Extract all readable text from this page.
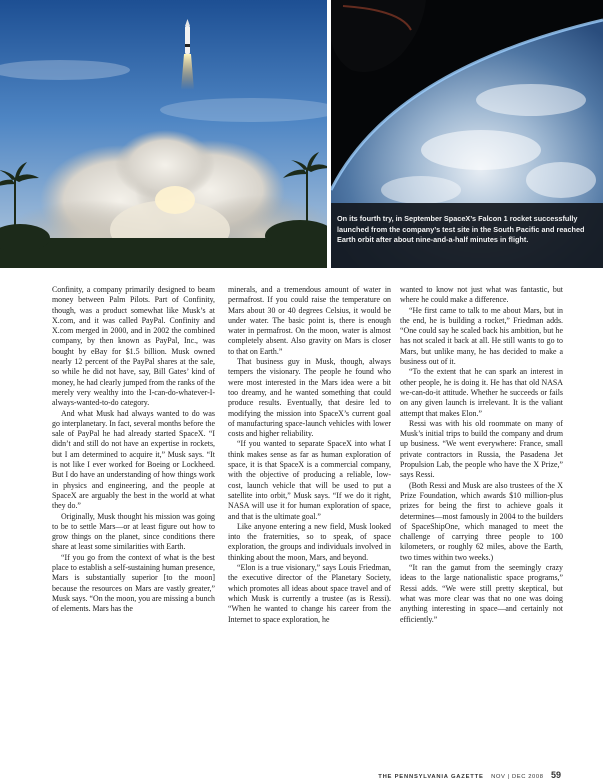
On its fourth try, in September SpaceX’s Falcon 1 rocket successfully launched from the company’s test site in the South Pacific and reached Earth orbit after about nine-and-a-half minutes in flight.

Confinity, a company primarily designed to beam money between Palm Pilots. Part of Confinity, though, was a product somewhat like Musk’s at X.com, and it was called PayPal. Confinity and X.com merged in 2000, and in 2002 the combined company, by then known as PayPal, Inc., was bought by eBay for $1.5 billion. Musk owned nearly 12 percent of the PayPal shares at the sale, so while he did not have, say, Bill Gates’ kind of money, he had clearly jumped from the ranks of the merely very wealthy into the I-can-do-whatever-I-always-wanted-to-do category.

And what Musk had always wanted to do was go interplanetary. In fact, several months before the sale of PayPal he had already started SpaceX. “I didn’t and still do not have an expertise in rockets, but I am determined to acquire it,” Musk says. “It is not like I ever worked for Boeing or Lockheed. But I do have an understanding of how things work in physics and engineering, and the people at SpaceX are arguably the best in the world at what they do.”

Originally, Musk thought his mission was going to be to settle Mars—or at least figure out how to grow things on the planet, since conditions there share at least some similarities with Earth.

“If you go from the context of what is the best place to establish a self-sustaining human presence, Mars is substantially superior [to the moon] because the resources on Mars are vastly greater,” Musk says. “On the moon, you are missing a bunch of elements. Mars has the

minerals, and a tremendous amount of water in permafrost. If you could raise the temperature on Mars about 30 or 40 degrees Celsius, it would be under water. The basic point is, there is enough water in permafrost. On the moon, water is almost completely absent. Also gravity on Mars is closer to that on Earth.”

That business guy in Musk, though, always tempers the visionary. The people he found who were most interested in the Mars idea were a bit too dreamy, and he wanted something that could produce results. Eventually, that desire led to modifying the mission into SpaceX’s current goal of manufacturing space-launch vehicles with lower costs and higher reliability.

“If you wanted to separate SpaceX into what I think makes sense as far as human exploration of space, it is that SpaceX is a commercial company, with the objective of producing a reliable, low-cost, launch vehicle that will be used to put a satellite into orbit,” Musk says. “If we do it right, NASA will use it for human exploration of space, and that is the ultimate goal.”

Like anyone entering a new field, Musk looked into the fraternities, so to speak, of space exploration, the groups and individuals involved in thinking about the moon, Mars, and beyond.

“Elon is a true visionary,” says Louis Friedman, the executive director of the Planetary Society, which promotes all ideas about space travel and of which Musk is currently a trustee (as is Ressi). “When he wanted to change his career from the Internet to space exploration, he

wanted to know not just what was fantastic, but where he could make a difference.

“He first came to talk to me about Mars, but in the end, he is building a rocket,” Friedman adds. “One could say he scaled back his ambition, but he has not scaled it back at all. He still wants to go to Mars, but unlike many, he has decided to make a business out of it.

“To the extent that he can spark an interest in other people, he is doing it. He has that old NASA we-can-do-it attitude. Whether he succeeds or fails on any given launch is irrelevant. It is the valiant attempt that makes Elon.”

Ressi was with his old roommate on many of Musk’s initial trips to build the company and drum up business. “We went everywhere: France, small private contractors in Russia, the Pasadena Jet Propulsion Lab, the people who have the X Prize,” says Ressi.

(Both Ressi and Musk are also trustees of the X Prize Foundation, which awards $10 million-plus prizes for being the first to achieve goals it determines—most famously in 2004 to the builders of SpaceShipOne, which managed to meet the challenge of carrying three people to 100 kilometers, or roughly 62 miles, above the Earth, two times within two weeks.)

“It ran the gamut from the seemingly crazy ideas to the large nationalistic space programs,” Ressi adds. “We were still pretty skeptical, but what was more clear was that no one was doing anything interesting in space—and certainly not efficiently.”

THE PENNSYLVANIA GAZETTE NOV | DEC 2008 59
